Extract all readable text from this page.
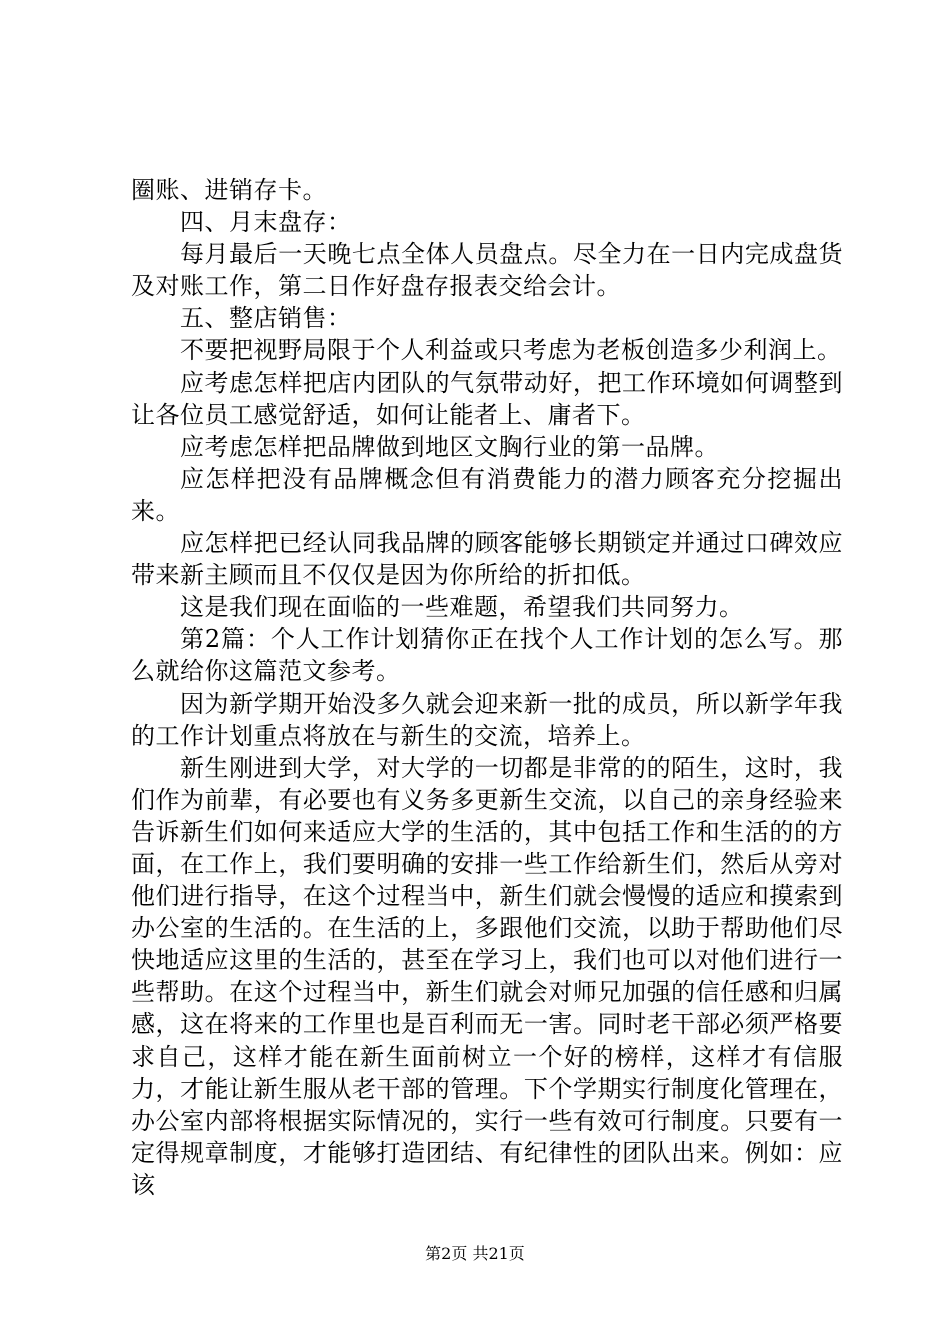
圈账、进销存卡。

四、月末盘存：

每月最后一天晚七点全体人员盘点。尽全力在一日内完成盘货及对账工作，第二日作好盘存报表交给会计。

五、整店销售：

不要把视野局限于个人利益或只考虑为老板创造多少利润上。

应考虑怎样把店内团队的气氛带动好，把工作环境如何调整到让各位员工感觉舒适，如何让能者上、庸者下。

应考虑怎样把品牌做到地区文胸行业的第一品牌。

应怎样把没有品牌概念但有消费能力的潜力顾客充分挖掘出来。

应怎样把已经认同我品牌的顾客能够长期锁定并通过口碑效应带来新主顾而且不仅仅是因为你所给的折扣低。

这是我们现在面临的一些难题，希望我们共同努力。

第2篇：个人工作计划猜你正在找个人工作计划的怎么写。那么就给你这篇范文参考。

因为新学期开始没多久就会迎来新一批的成员，所以新学年我的工作计划重点将放在与新生的交流，培养上。

新生刚进到大学，对大学的一切都是非常的的陌生，这时，我们作为前辈，有必要也有义务多更新生交流，以自己的亲身经验来告诉新生们如何来适应大学的生活的，其中包括工作和生活的的方面，在工作上，我们要明确的安排一些工作给新生们，然后从旁对他们进行指导，在这个过程当中，新生们就会慢慢的适应和摸索到办公室的生活的。在生活的上，多跟他们交流，以助于帮助他们尽快地适应这里的生活的，甚至在学习上，我们也可以对他们进行一些帮助。在这个过程当中，新生们就会对师兄加强的信任感和归属感，这在将来的工作里也是百利而无一害。同时老干部必须严格要求自己，这样才能在新生面前树立一个好的榜样，这样才有信服力，才能让新生服从老干部的管理。下个学期实行制度化管理在，办公室内部将根据实际情况的，实行一些有效可行制度。只要有一定得规章制度，才能够打造团结、有纪律性的团队出来。例如：应该

第2页 共21页
